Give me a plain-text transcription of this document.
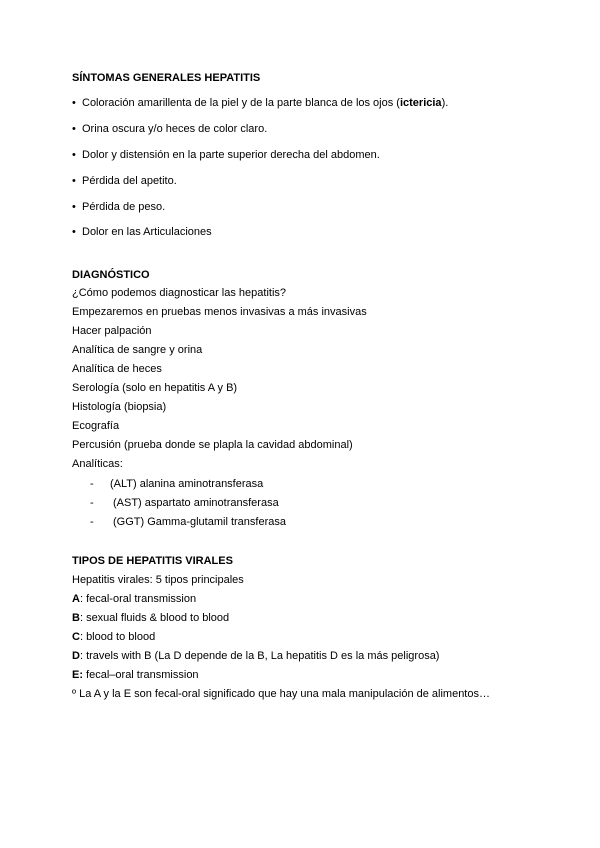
SÍNTOMAS GENERALES HEPATITIS
• Coloración amarillenta de la piel y de la parte blanca de los ojos (ictericia).
• Orina oscura y/o heces de color claro.
• Dolor y distensión en la parte superior derecha del abdomen.
• Pérdida del apetito.
• Pérdida de peso.
• Dolor en las Articulaciones
DIAGNÓSTICO
¿Cómo podemos diagnosticar las hepatitis?
Empezaremos en pruebas menos invasivas a más invasivas
Hacer palpación
Analítica de sangre y orina
Analítica de heces
Serología (solo en hepatitis A y B)
Histología (biopsia)
Ecografía
Percusión (prueba donde se plapla la cavidad abdominal)
Analíticas:
- (ALT) alanina aminotransferasa
- (AST) aspartato aminotransferasa
- (GGT) Gamma-glutamil transferasa
TIPOS DE HEPATITIS VIRALES
Hepatitis virales: 5 tipos principales
A: fecal-oral transmission
B: sexual fluids & blood to blood
C: blood to blood
D: travels with B (La D depende de la B, La hepatitis D es la más peligrosa)
E: fecal–oral transmission
º La A y la E son fecal-oral significado que hay una mala manipulación de alimentos…
